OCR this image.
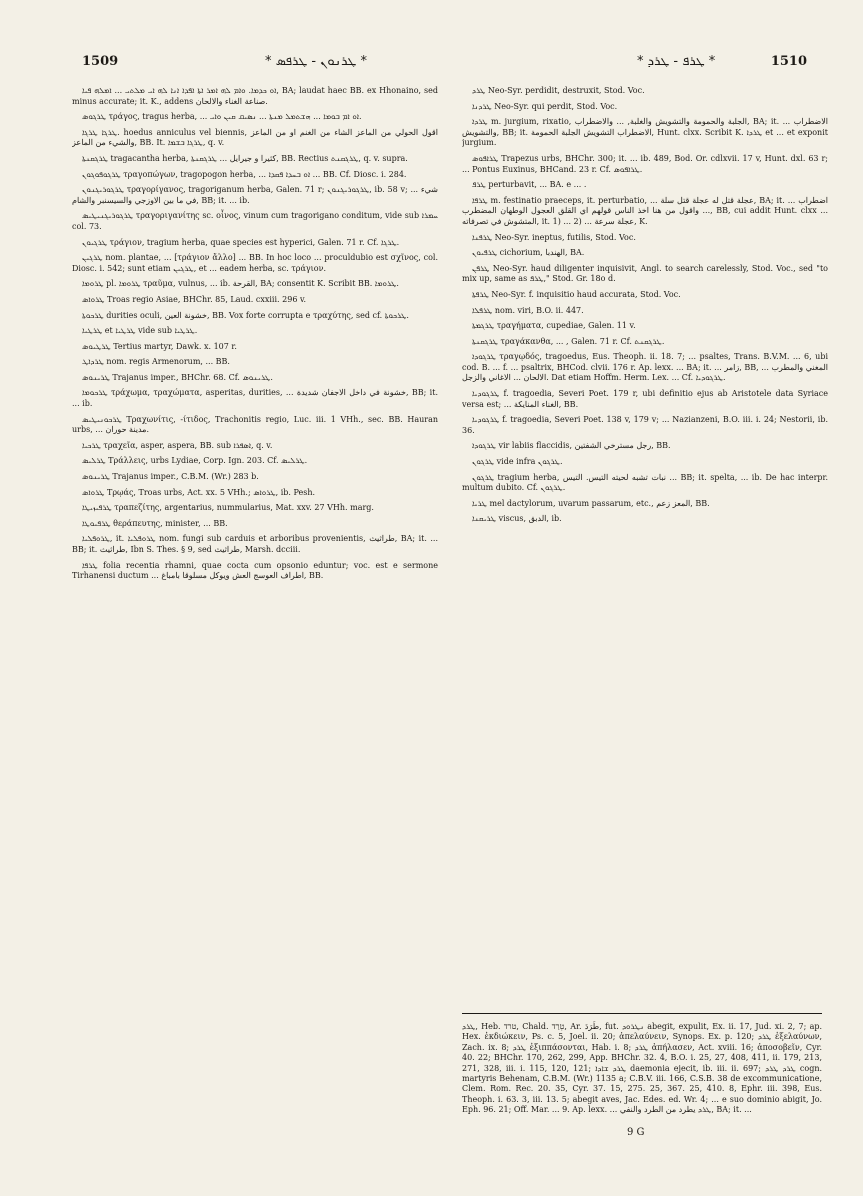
1509	* ܛܪܢܘܢ - ܛܪܦܣ *	* ܛܪܦ - ܛܪܕ *	1510

ܐܘ ܟܕܡܐ. ܘܐܡ ܠܗ ܐܡܪ ܐܬܐ ܐܦܕܐ ܐܢܐ ܠܗ ܐܝ ܡܠܬܝ ... ܐܡܠܗ ܦܝܐ, BA; laudat haec BB. ex Hhonaino, sed minus accurate; it. K., addens صناعة الغناء والالحان.

ܛܪܓܘܣ τράγος, tragus herba, ... ܐܘ ܐܡ ܒܘܡܐ ... ܗܫܬܡܠ ܡܢܬܐ ... ܢܣܝܩ ܩܝܢ ܘܐܝ.

ܛܪܓܐ ܛܪܓܐ. hoedus anniculus vel biennis, اقول الحولي من الماعز الشاء من الغنم او من الماعز والشيء من الماعز, BB. It. ܛܪܓܐ ܒܫܡܐ, q. v.

ܛܪܓܩܢܬܐ tragacantha herba, كثيرا و جيرايل ... ܛܪܓܩܢܬܐ, BB. Rectius ܛܪܓܩܢܬ, q. v. supra.

ܛܪܓܘܦܘܓܘܢ τραγοπώγων, tragopogon herba, ... ܐܘ ܒܚܕܐ ܦܩܕܐ ... BB. Cf. Diosc. i. 284.

ܛܪܓܘܪܝܓܢܘܢ τραγορίγανος, tragoriganum herba, Galen. 71 r; ܛܪܓܘܪܝܓܢܘܢ, ib. 58 v; ... شيء في ما بين الاوزجي والسيسنبر والشام, BB; it. ... ib.

ܛܪܓܘܪܝܓܢܝܛܝܣ τραγοριγανίτης sc. οἶνος, vinum cum tragorigano conditum, vide sub ܚܡܪܐ col. 73.

ܛܪܓܝܘܢ τράγιον, tragium herba, quae species est hyperici, Galen. 71 r. Cf. ܛܪܓܐ.

ܛܪܓܝܢ nom. plantae, ... [τράγιον ἄλλο] ... BB. In hoc loco ... proculdubio est σχῖνος, col. Diosc. i. 542; sunt etiam ܛܪܓܝܢ, et ... eadem herba, sc. τράγιον.

ܛܪܘܡܐ pl. ܛܪܘܡܐ τραῦμα, vulnus, ... ib. القرحة, BA; consentit K. Scribit BB. ܛܪܘܡܐ.

ܛܪܘܐܣ Troas regio Asiae, BHChr. 85, Laud. cxxiii. 296 v.

ܛܪܟܘܬܐ durities oculi, خشونة العين, BB. Vox forte corrupta e τραχύτης, sed cf. ܛܪܟܘܬܐ.

ܛܪܛܝܐ et ܛܪܛܝܐ vide sub ܛܪܛܝܐ.

ܛܪܛܝܘܣ Tertius martyr, Dawk. x. 107 r.

ܛܪܕܐܛ nom. regis Armenorum, ... BB.

ܛܪܝܢܘܣ Trajanus imper., BHChr. 68. Cf. ܛܪܝܢܘܣ.

ܛܪܟܘܡܐ τράχωμα, τραχώματα, asperitas, durities, ... خشونة في داخل الاجفان شديدة, BB; it. ... ib.

ܛܪܟܘܢܝܛܝܣ Τραχωνίτις, -ίτιδος, Trachonitis regio, Luc. iii. 1 VHh., sec. BB. Hauran urbs, ... مدينة حوران.

ܛܪܟܝܐ τραχεῖα, asper, aspera, BB. sub ܐܣܦܪܐ, q. v.

ܛܪܠܝܣ Τράλλεις, urbs Lydiae, Corp. Ign. 203. Cf. ܛܪܠܝܣ.

ܛܪܝܢܘܣ Trajanus imper., C.B.M. (Wr.) 283 b.

ܛܪܘܐܣ Τρῳάς, Troas urbs, Act. xx. 5 VHh.; ܛܪܘܐܣ, ib. Pesh.

ܛܪܦܝܙܝܛܐ τραπεζίτης, argentarius, nummularius, Mat. xxv. 27 VHh. marg.

ܛܪܦܝܘܛܐ θεράπευτης, minister, ... BB.

ܛܪܘܦܠܝܐ, it. ܛܪܘܦܠܝܐ nom. fungi sub carduis et arboribus provenientis, طراثيث, BA; it. ... BB; it. طراثيث, Ibn S. Thes. § 9, sed طراثيث, Marsh. dcciii.

ܛܪܦܐ folia recentia rhamni, quae cocta cum opsonio eduntur; voc. est e sermone Tirhanensi ductum ... اطراف العوسج العش ويوكل مسلوقا بامباغ, BB.

ܛܪܕ Neo-Syr. perdidit, destruxit, Stod. Voc.

ܛܪܕܢܐ Neo-Syr. qui perdit, Stod. Voc.

ܛܪܕܐ m. jurgium, rixatio, الجلبة والحمومة والتشويش والغلبة, ... والاضطراب, BA; it. ... الاضطراب والتشويش, BB; it. الاضطراب التشويش الجلبة الحمومة, Hunt. clxx. Scribit K. ܛܪܕܐ et ... et exponit jurgium.

ܛܪܐܦܘܣ Trapezus urbs, BHChr. 300; it. ... ib. 489, Bod. Or. cdlxvii. 17 v, Hunt. dxl. 63 r; ... Pontus Euxinus, BHCand. 23 r. Cf. ܛܪܐܦܘܣ.

ܛܪܦ perturbavit, ... BA. e ... .

ܛܪܦܐ m. festinatio praeceps, it. perturbatio, ... عجلة قتل له عجلة قتل سلة, BA; it. ... اضطراب ... واقول من هنا اخذ الناس قولهم اي القلق العجول الوطهان المضطرب, BB, cui addit Hunt. clxx ... المتشوش في تصرفاته, it. 1) ... 2) ... عجلة سرعة, K.

ܛܪܦܢܐ Neo-Syr. ineptus, futilis, Stod. Voc.

ܛܪܦܝܘܢ cichorium, الهندبا, BA.

ܛܪܦܢ Neo-Syr. haud diligenter inquisivit, Angl. to search carelessly, Stod. Voc., sed "to mix up, same as ܛܪܦ," Stod. Gr. 18o d.

ܛܪܦܬܐ Neo-Syr. f. inquisitio haud accurata, Stod. Voc.

ܛܪܦܠܐ nom. viri, B.O. ii. 447.

ܛܪܓܡܬܐ τραγήματα, cupediae, Galen. 11 v.

ܛܪܓܩܢܬܐ τραγάκανθα, ... , Galen. 71 r. Cf. ܛܪܓܩܢܬ.

ܛܪܓܘܕܐ τραγῳδός, tragoedus, Eus. Theoph. ii. 18. 7; ... psaltes, Trans. B.V.M. ... 6, ubi cod. B. ... f. ... psaltrix, BHCod. clvii. 176 r. Ap. lexx. ... BA; it. ... زامر, BB, ... المغني والمطرب الالحان ... الاغاني والزجل. Dat etiam Hoffm. Herm. Lex. ... Cf. ܛܪܓܘܕܝܐ.

ܛܪܓܘܕܝܐ f. tragoedia, Severi Poet. 179 r, ubi definitio ejus ab Aristotele data Syriace versa est; ... الغناء المنايكة, BB.

ܛܪܓܘܕܝܐ f. tragoedia, Severi Poet. 138 v, 179 v; ... Nazianzeni, B.O. iii. i. 24; Nestorii, ib. 36.

ܛܪܓܘܕܐ vir labiis flaccidis, رجل مسترخي الشفتين, BB.

ܛܪܓܘܢ vide infra ܛܪܓܘܢ.

ܛܪܓܘܢ tragium herba, نبات تشبه لحيته التيس. التيس ... BB; it. spelta, ... ib. De hac interpr. multum dubito. Cf. ܛܪܓܘܢ.

ܛܪܝܐ mel dactylorum, uvarum passarum, etc., المعز زعم, BB.

ܛܪܝܩܢܐ viscus, الدبق, ib.

ܛܪܕ, Heb. טרד, Chald. טְרַד, Ar. طَرَدَ, fut. ܢܛܪܘܕ abegit, expulit, Ex. ii. 17, Jud. xi. 2, 7; ap. Hex. ἐκδιώκειν, Ps. c. 5, Joel. ii. 20; ἀπελαύνειν, Synops. Ex. p. 120; ܛܪܕ ἐξελαύνων, Zach. ix. 8; ܛܪܕ ἐξιππάσονται, Hab. i. 8; ܛܪܕ ἀπήλασεν, Act. xviii. 16; ἀποσοβεῖν, Cyr. 40. 22; BHChr. 170, 262, 299, App. BHChr. 32. 4, B.O. i. 25, 27, 408, 411, ii. 179, 213, 271, 328, iii. i. 115, 120, 121; ܛܪܕ ܫܐܕܐ daemonia ejecit, ib. iii. ii. 697; ܛܪܕ ܛܪܕ cogn. martyris Behenam, C.B.M. (Wr.) 1135 a; C.B.V. iii. 166, C.S.B. 38 de excommunicatione, Clem. Rom. Rec. 20. 35, Cyr. 37. 15, 275. 25, 367. 25, 410. 8, Ephr. iii. 398, Eus. Theoph. i. 63. 3, iii. 13. 5; abegit aves, Jac. Edes. ed. Wr. 4; ... e suo dominio abigit, Jo. Eph. 96. 21; Off. Mar. ... 9. Ap. lexx. ... ܛܪܕ يطرد من الطرد والنفي, BA; it. ...
9 G
